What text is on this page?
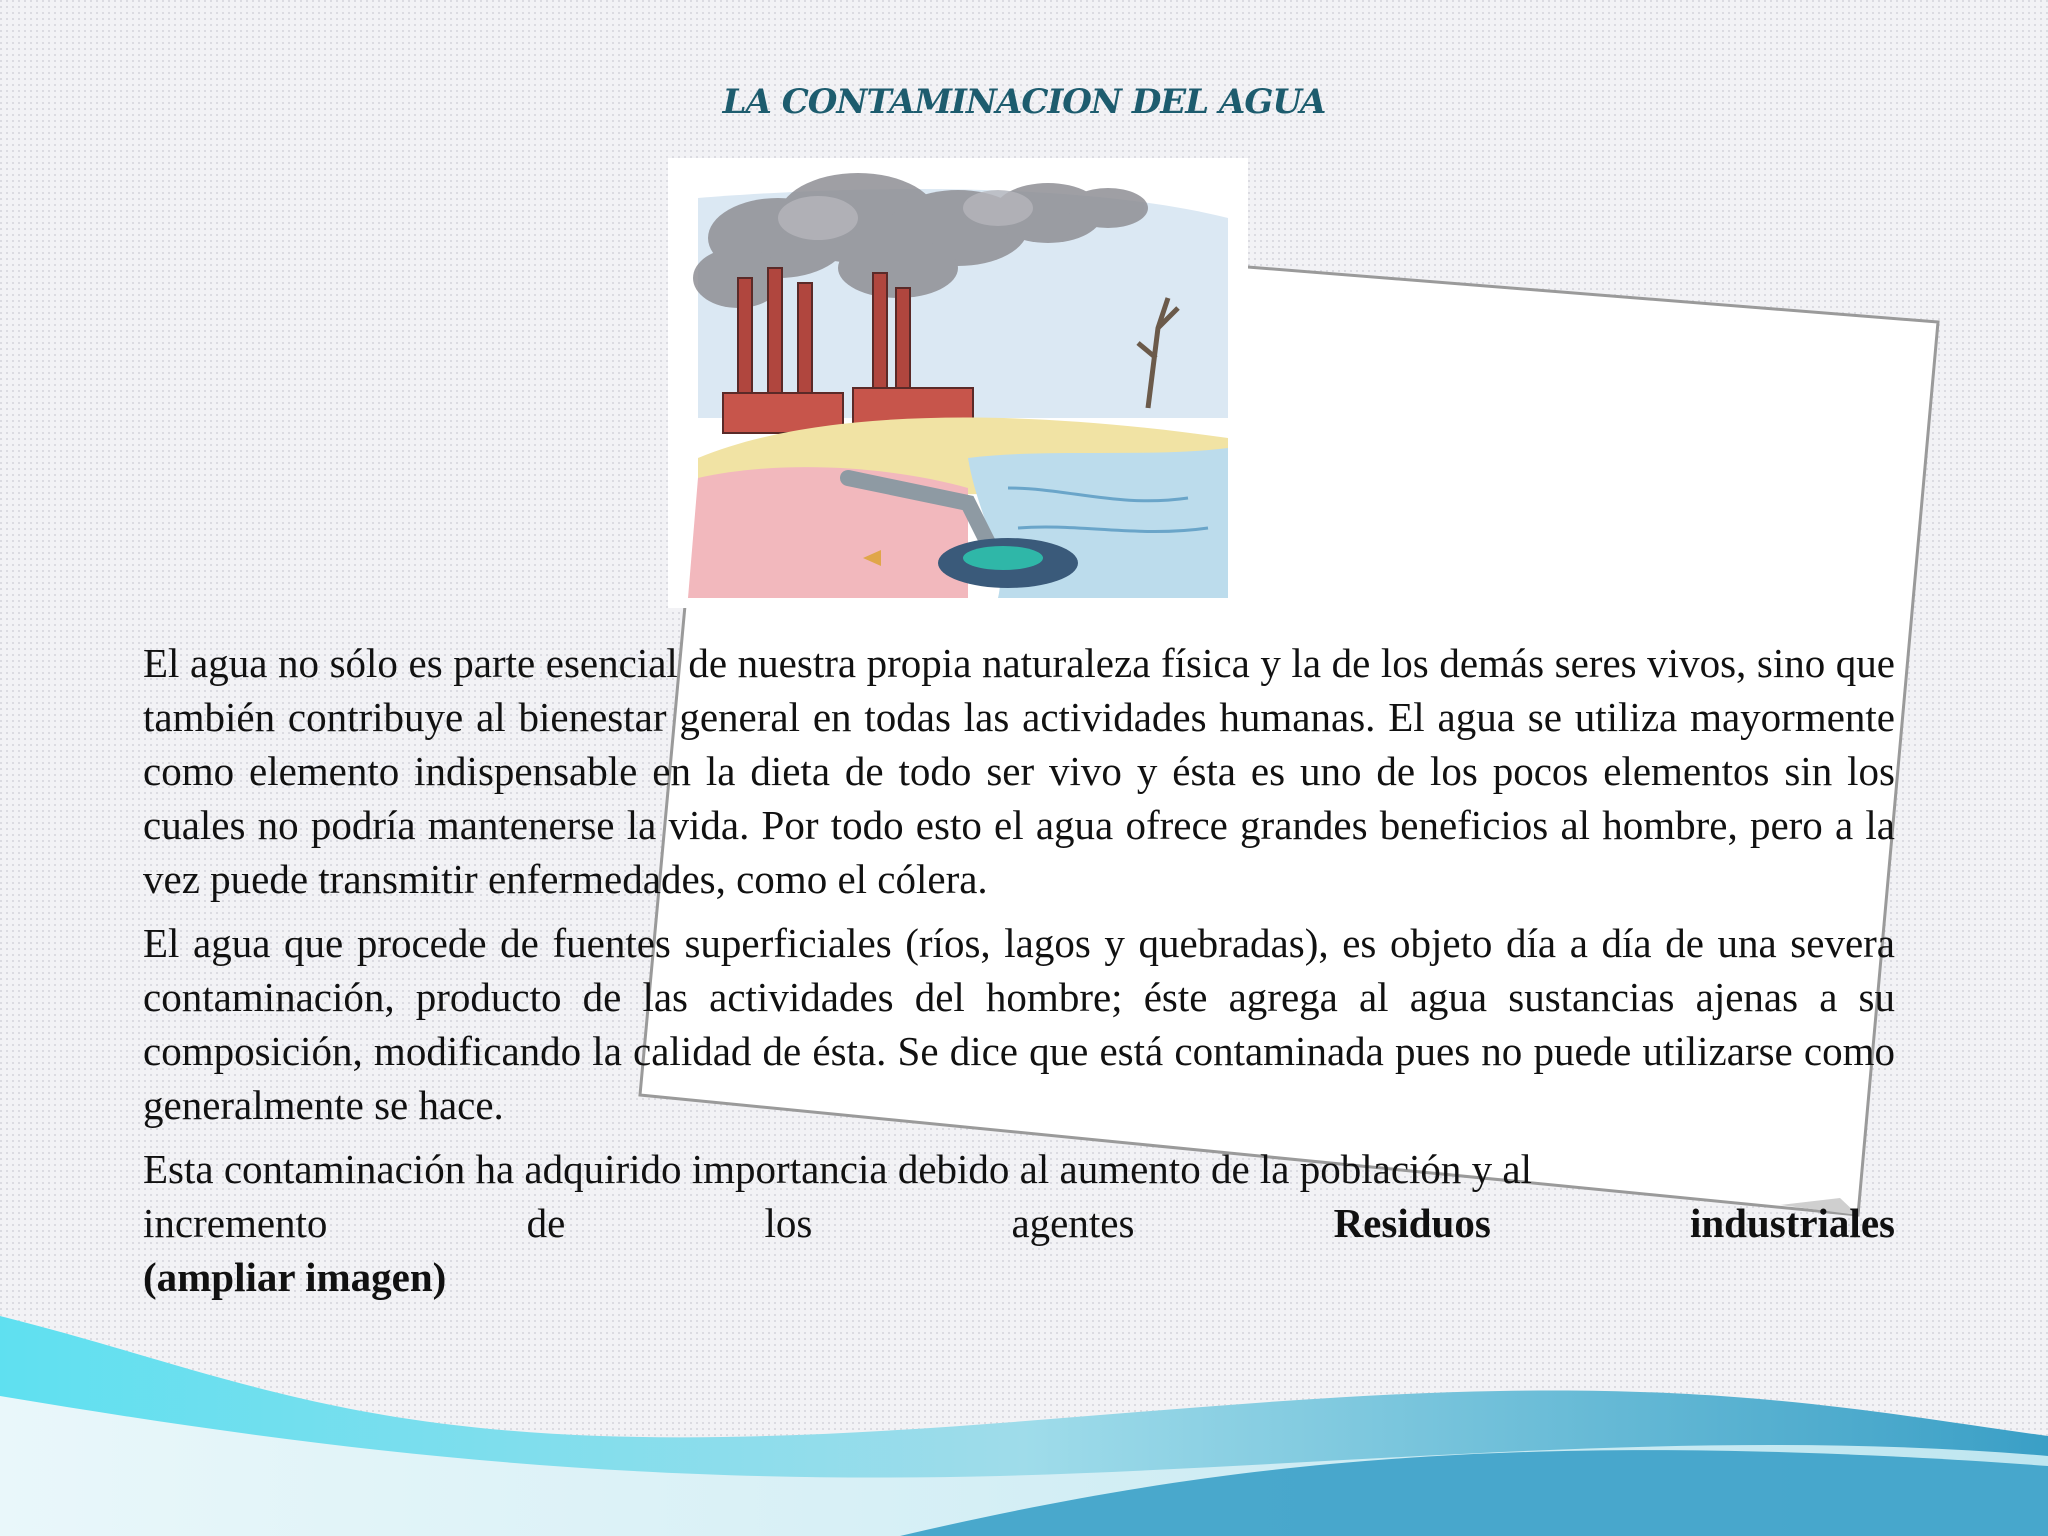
LA CONTAMINACION DEL AGUA

El agua no sólo es parte esencial de nuestra propia naturaleza física y la de los demás seres vivos, sino que también contribuye al bienestar general en todas las actividades humanas. El agua se utiliza mayormente como elemento indispensable en la dieta de todo ser vivo y ésta es uno de los pocos elementos sin los cuales no podría mantenerse la vida. Por todo esto el agua ofrece grandes beneficios al hombre, pero a la vez puede transmitir enfermedades, como el cólera.

El agua que procede de fuentes superficiales (ríos, lagos y quebradas), es objeto día a día de una severa contaminación, producto de las actividades del hombre; éste agrega al agua sustancias ajenas a su composición, modificando la calidad de ésta. Se dice que está contaminada pues no puede utilizarse como generalmente se hace.

Esta contaminación ha adquirido importancia debido al aumento de la población y al
incremento	de	los	agentes	Residuos	industriales
(ampliar imagen)
